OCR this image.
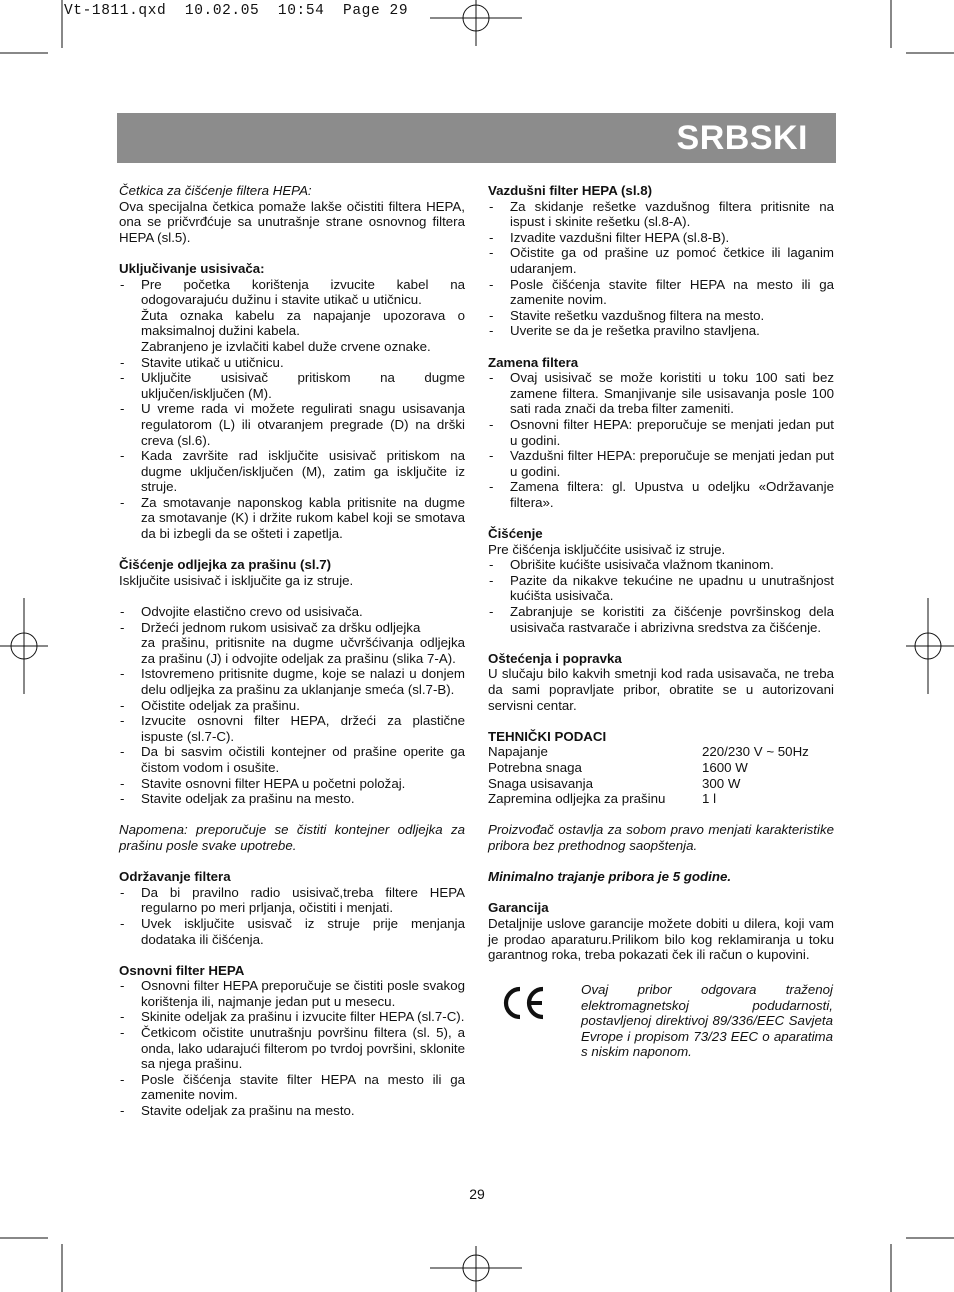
Vt-1811.qxd  10.02.05  10:54  Page 29
SRBSKI

Četkica za čišćenje filtera HEPA:

Ova specijalna četkica pomaže lakše očistiti filtera HEPA, ona se pričvrđćuje sa unutrašnje strane osnovnog filtera HEPA (sl.5).

Uključivanje usisivača:

- Pre početka korištenja izvucite kabel na odogovarajuću dužinu i stavite utikač u utičnicu.
Žuta oznaka kabelu za napajanje upozorava o maksimalnoj dužini kabela.
Zabranjeno je izvlačiti kabel duže crvene oznake.
- Stavite utikač u utičnicu.
- Uključite usisivač pritiskom na dugme uključen/isključen (M).
- U vreme rada vi možete regulirati snagu usisavanja regulatorom (L) ili otvaranjem pregrade (D) na drški creva (sl.6).
- Kada završite rad isključite usisivač pritiskom na dugme uključen/isključen (M), zatim ga isključite iz struje.
- Za smotavanje naponskog kabla pritisnite na dugme za smotavanje (K) i držite rukom kabel koji se smotava da bi izbegli da se ošteti i zapetlja.

Čišćenje odljejka za prašinu (sl.7)

Isključite usisivač i isključite ga iz struje.

- Odvojite elastično crevo od usisivača.
- Držeći jednom rukom usisivač za dršku odljejka
za prašinu, pritisnite na dugme učvršćivanja odljejka za prašinu (J) i odvojite odeljak za prašinu (slika 7-A).
- Istovremeno pritisnite dugme, koje se nalazi u donjem delu odljejka za prašinu za uklanjanje smeća (sl.7-B).
- Očistite odeljak za prašinu.
- Izvucite osnovni filter HEPA, držeći za plastične ispuste (sl.7-C).
- Da bi sasvim očistili kontejner od prašine operite ga čistom vodom i osušite.
- Stavite osnovni filter HEPA u početni položaj.
- Stavite odeljak za prašinu na mesto.

Napomena: preporučuje se čistiti kontejner odljejka za prašinu posle svake upotrebe.

Održavanje filtera

- Da bi pravilno radio usisivač,treba filtere HEPA regularno po meri prljanja, očistiti i menjati.
- Uvek isključite usisvač iz struje prije menjanja dodataka ili čišćenja.

Osnovni filter HEPA

- Osnovni filter HEPA preporučuje se čistiti posle svakog korištenja ili, najmanje jedan put u mesecu.
- Skinite odeljak za prašinu i izvucite filter HEPA (sl.7-C).
- Četkicom očistite unutrašnju površinu filtera (sl. 5), a onda, lako udarajući filterom po tvrdoj površini, sklonite sa njega prašinu.
- Posle čišćenja stavite filter HEPA na mesto ili ga zamenite novim.
- Stavite odeljak za prašinu na mesto.

Vazdušni filter HEPA (sl.8)

- Za skidanje rešetke vazdušnog filtera pritisnite na ispust i skinite rešetku (sl.8-A).
- Izvadite vazdušni filter HEPA (sl.8-B).
- Očistite ga od prašine uz pomoć četkice ili laganim udaranjem.
- Posle čišćenja stavite filter HEPA na mesto ili ga zamenite novim.
- Stavite rešetku vazdušnog filtera na mesto.
- Uverite se da je rešetka pravilno stavljena.

Zamena filtera

- Ovaj usisivač se može koristiti u toku 100 sati bez zamene filtera. Smanjivanje sile usisavanja posle 100 sati rada znači da treba filter zameniti.
- Osnovni filter HEPA: preporučuje se menjati jedan put u godini.
- Vazdušni filter HEPA: preporučuje se menjati jedan put u godini.
- Zamena filtera: gl. Upustva u odeljku «Održavanje filtera».

Čišćenje

Pre čišćenja isključćite usisivač iz struje.

- Obrišite kućište usisivača vlažnom tkaninom.
- Pazite da nikakve tekućine ne upadnu u unutrašnjost kućišta usisivača.
- Zabranjuje se koristiti za čišćenje površinskog dela usisivača rastvarače i abrizivna sredstva za čišćenje.

Oštećenja i popravka

U slučaju bilo kakvih smetnji kod rada usisavača, ne treba da sami popravljate pribor, obratite se u autorizovani servisni centar.

TEHNIČKI PODACI

Napajanje	220/230 V ~ 50Hz
Potrebna snaga	1600 W
Snaga usisavanja	300 W
Zapremina odljejka za prašinu	1 l

Proizvođač ostavlja za sobom pravo menjati karakteristike pribora bez prethodnog saopštenja.

Minimalno trajanje pribora je 5 godine.

Garancija

Detaljnije uslove garancije možete dobiti u dilera, koji vam je prodao aparaturu.Prilikom bilo kog reklamiranja u toku garantnog roka, treba pokazati ček ili račun o kupovini.

Ovaj pribor odgovara traženoj elektromagnetskoj podudarnosti, postavljenoj direktivoj 89/336/EEC Savjeta Evrope i propisom 73/23 EEC o aparatima s niskim naponom.

29
